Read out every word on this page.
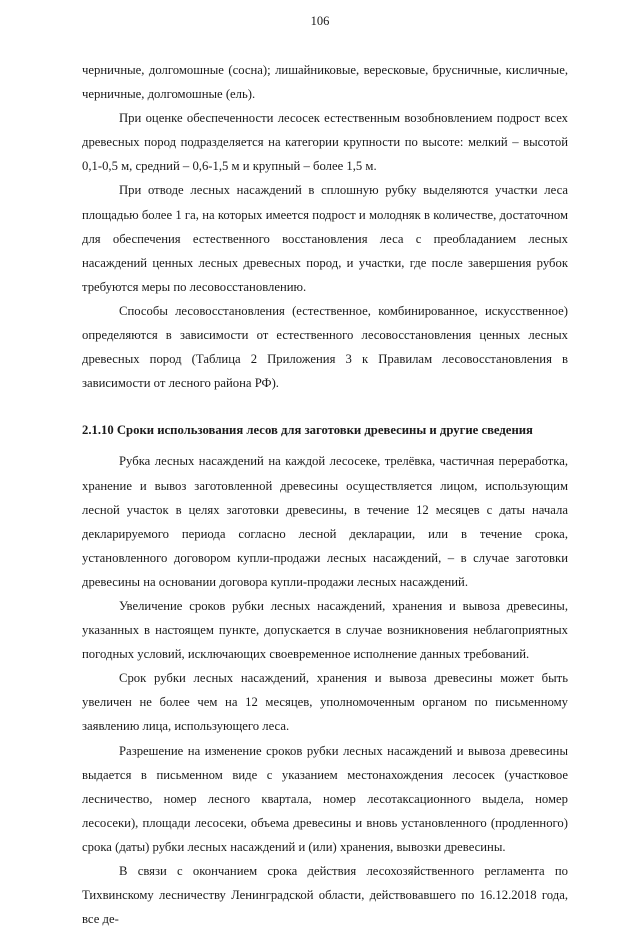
106

черничные, долгомошные (сосна); лишайниковые, вересковые, брусничные, кисличные, черничные, долгомошные (ель).

При оценке обеспеченности лесосек естественным возобновлением подрост всех древесных пород подразделяется на категории крупности по высоте: мелкий – высотой 0,1-0,5 м, средний – 0,6-1,5 м и крупный – более 1,5 м.

При отводе лесных насаждений в сплошную рубку выделяются участки леса площадью более 1 га, на которых имеется подрост и молодняк в количестве, достаточном для обеспечения естественного восстановления леса с преобладанием лесных насаждений ценных лесных древесных пород, и участки, где после завершения рубок требуются меры по лесовосстановлению.

Способы лесовосстановления (естественное, комбинированное, искусственное) определяются в зависимости от естественного лесовосстановления ценных лесных древесных пород (Таблица 2 Приложения 3 к Правилам лесовосстановления в зависимости от лесного района РФ).

2.1.10 Сроки использования лесов для заготовки древесины и другие сведения

Рубка лесных насаждений на каждой лесосеке, трелёвка, частичная переработка, хранение и вывоз заготовленной древесины осуществляется лицом, использующим лесной участок в целях заготовки древесины, в течение 12 месяцев с даты начала декларируемого периода согласно лесной декларации, или в течение срока, установленного договором купли-продажи лесных насаждений, – в случае заготовки древесины на основании договора купли-продажи лесных насаждений.

Увеличение сроков рубки лесных насаждений, хранения и вывоза древесины, указанных в настоящем пункте, допускается в случае возникновения неблагоприятных погодных условий, исключающих своевременное исполнение данных требований.

Срок рубки лесных насаждений, хранения и вывоза древесины может быть увеличен не более чем на 12 месяцев, уполномоченным органом по письменному заявлению лица, использующего леса.

Разрешение на изменение сроков рубки лесных насаждений и вывоза древесины выдается в письменном виде с указанием местонахождения лесосек (участковое лесничество, номер лесного квартала, номер лесотаксационного выдела, номер лесосеки), площади лесосеки, объема древесины и вновь установленного (продленного) срока (даты) рубки лесных насаждений и (или) хранения, вывозки древесины.

В связи с окончанием срока действия лесохозяйственного регламента по Тихвинскому лесничеству Ленинградской области, действовавшего по 16.12.2018 года, все де-
